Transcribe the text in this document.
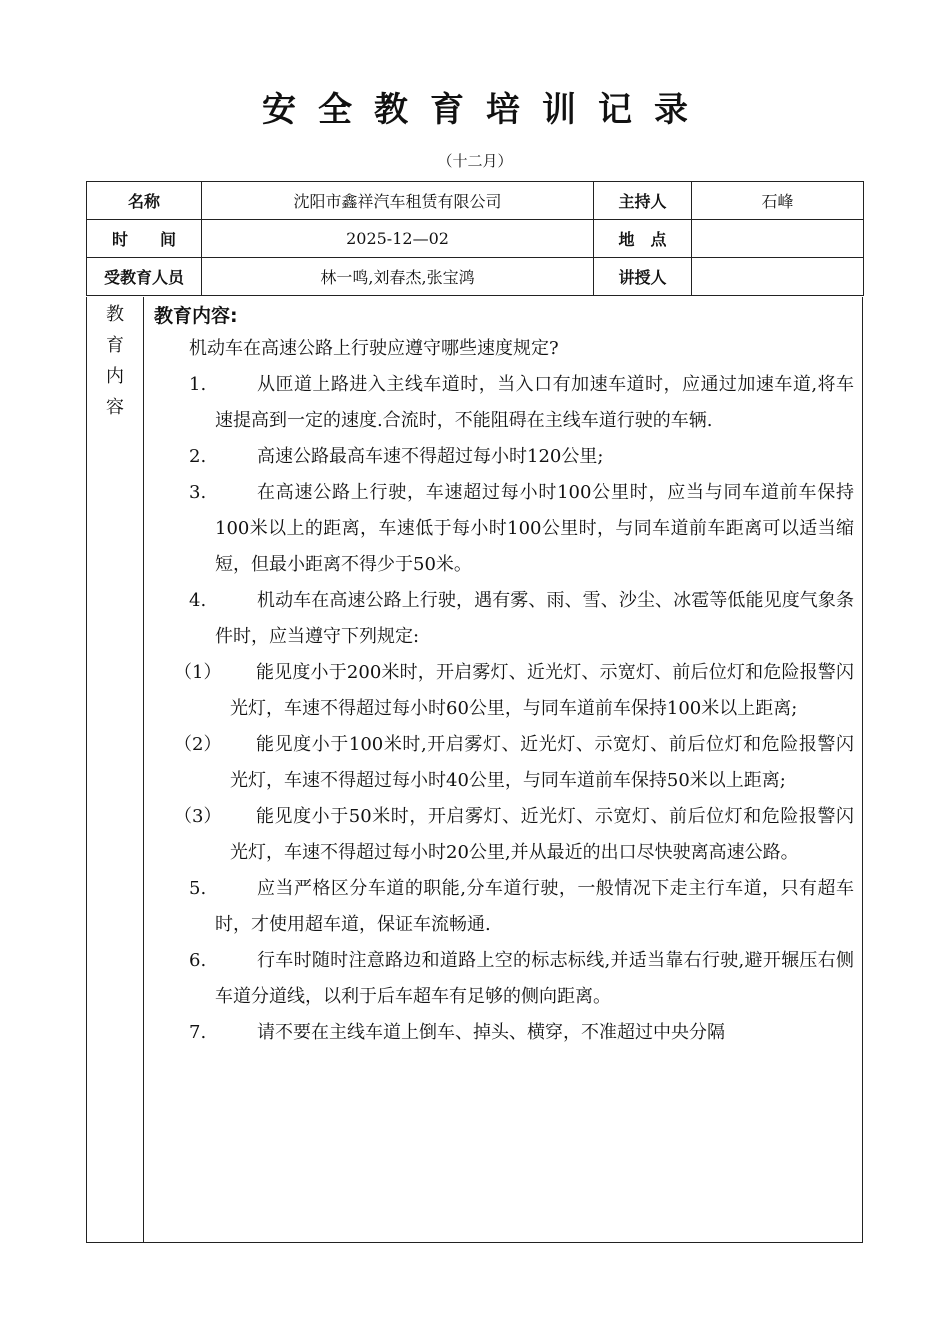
安全教育培训记录
（十二月）
名称	沈阳市鑫祥汽车租赁有限公司	主持人	石峰
时　　间	2025-12—02	地　点	
受教育人员	林一鸣,刘春杰,张宝鸿	讲授人	
教
育
内
容
教育内容:
机动车在高速公路上行驶应遵守哪些速度规定?
1.	从匝道上路进入主线车道时，当入口有加速车道时，应通过加速车道,将车速提高到一定的速度.合流时，不能阻碍在主线车道行驶的车辆.
2.	高速公路最高车速不得超过每小时120公里;
3.	在高速公路上行驶，车速超过每小时100公里时，应当与同车道前车保持100米以上的距离，车速低于每小时100公里时，与同车道前车距离可以适当缩短，但最小距离不得少于50米。
4.	机动车在高速公路上行驶，遇有雾、雨、雪、沙尘、冰雹等低能见度气象条件时，应当遵守下列规定:
（1）	能见度小于200米时，开启雾灯、近光灯、示宽灯、前后位灯和危险报警闪光灯，车速不得超过每小时60公里，与同车道前车保持100米以上距离;
（2）	能见度小于100米时,开启雾灯、近光灯、示宽灯、前后位灯和危险报警闪光灯，车速不得超过每小时40公里，与同车道前车保持50米以上距离;
（3）	能见度小于50米时，开启雾灯、近光灯、示宽灯、前后位灯和危险报警闪光灯，车速不得超过每小时20公里,并从最近的出口尽快驶离高速公路。
5.	应当严格区分车道的职能,分车道行驶，一般情况下走主行车道，只有超车时，才使用超车道，保证车流畅通.
6.	行车时随时注意路边和道路上空的标志标线,并适当靠右行驶,避开辗压右侧车道分道线，以利于后车超车有足够的侧向距离。
7.	请不要在主线车道上倒车、掉头、横穿，不准超过中央分隔
